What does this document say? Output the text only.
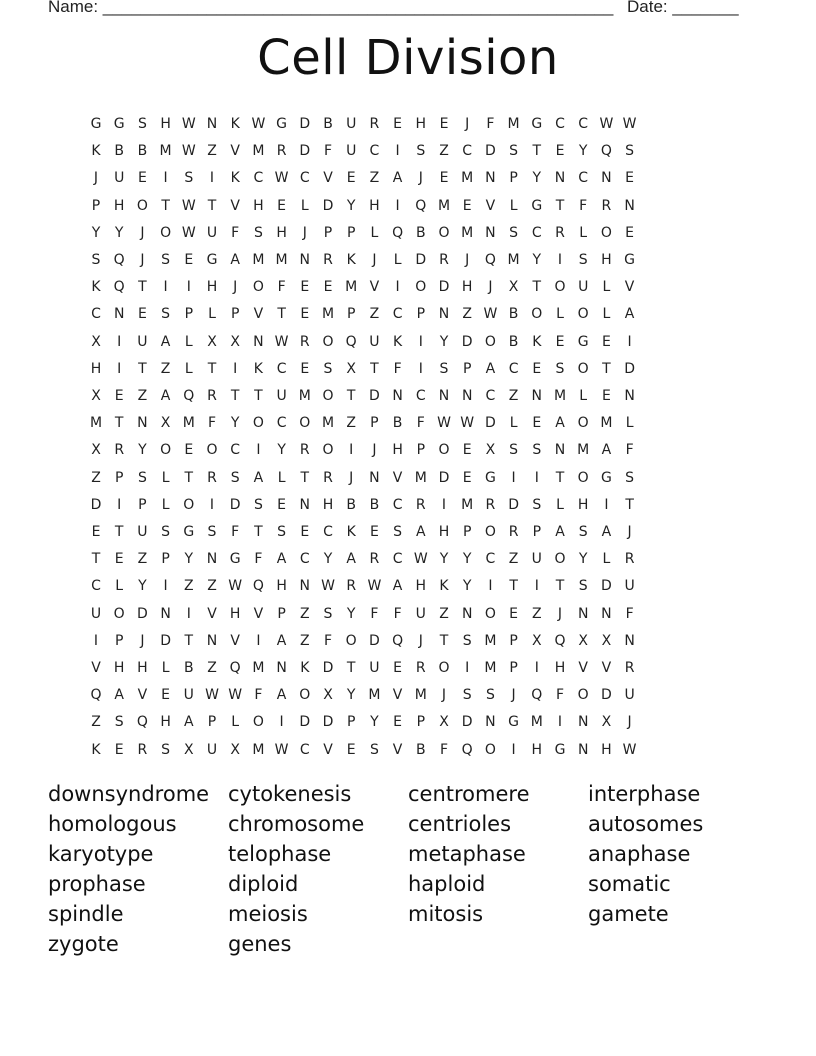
Name: ______________________________________________________ Date: _______
Cell Division
G G S H W N K W G D B U R E H E	J	F M G C C W W
K B B M W Z V M R D F	U C	I	S Z C D S	T	E	Y Q S
J	U E	I	S	I	K C W C V E Z A	J	E M N P	Y N C N E
P H O T W T	V H E	L D Y H	I	Q M E V	L G T	F	R N
Y	Y	J	O W U	F	S H	J	P	P	L Q B O M N S C R	L O E
S Q	J	S	E G A M M N R K	J	L D R	J	Q M Y	I	S H G
K Q T	I	I	H	J	O F	E	E M V	I	O D H	J	X	T O U	L	V
C N E	S	P	L	P	V	T	E M P	Z C	P N Z W B O L O L	A
X	I	U A	L	X X N W R O Q U K	I	Y D O B K	E G E	I
H	I	T	Z	L	T	I	K C E	S X	T	F	I	S	P	A C E	S O T D
X E Z A Q R	T	T U M O T D N C N N C Z N M L	E N
M T N X M F	Y O C O M Z	P	B	F W W D L	E A O M L
X R	Y O E O C	I	Y	R O	I	J	H P O E X S	S N M A	F
Z	P	S	L	T	R S A	L	T	R	J	N V M D E G	I	I	T O G S
D	I	P	L O	I	D S	E N H B B C R	I	M R D S	L	H	I	T
E	T U S G S	F	T	S	E C K	E	S A H P O R	P	A S A	J
T	E Z	P	Y N G F	A C	Y	A R C W Y	Y	C Z U O Y	L	R
C	L	Y	I	Z Z W Q H N W R W A H K	Y	I	T	I	T	S D U
U O D N	I	V H V	P	Z S	Y	F	F	U Z N O E Z	J	N N F
I	P	J	D T N V	I	A Z	F O D Q	J	T	S M P	X Q X X N
V H H	L	B Z Q M N K D T U E R O	I	M P	I	H V V R
Q A V E U W W F	A O X	Y M V M	J	S	S	J	Q F O D U
Z S Q H A	P	L O	I	D D P	Y	E	P	X D N G M	I	N X	J
K	E R S X U X M W C V E	S V B	F Q O	I	H G N H W
downsyndrome cytokenesis	centromere	interphase
homologous chromosome centrioles	autosomes
karyotype	telophase	metaphase	anaphase
prophase	diploid	haploid	somatic
spindle	meiosis	mitosis	gamete
zygote	genes
